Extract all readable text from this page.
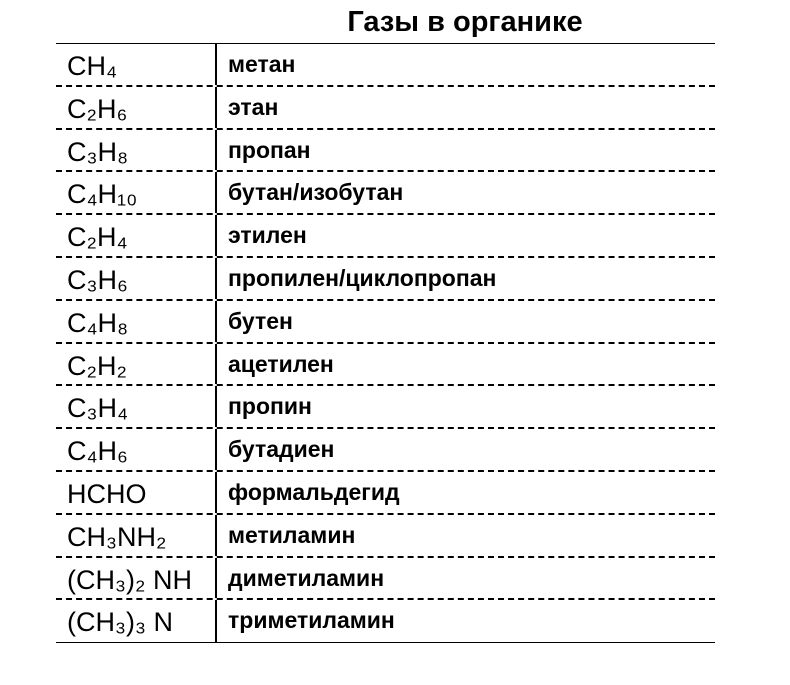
Газы в органике
CH₄	метан
C₂H₆	этан
C₃H₈	пропан
C₄H₁₀	бутан/изобутан
C₂H₄	этилен
C₃H₆	пропилен/циклопропан
C₄H₈	бутен
C₂H₂	ацетилен
C₃H₄	пропин
C₄H₆	бутадиен
HCHO	формальдегид
CH₃NH₂	метиламин
(CH₃)₂ NH	диметиламин
(CH₃)₃ N	триметиламин
